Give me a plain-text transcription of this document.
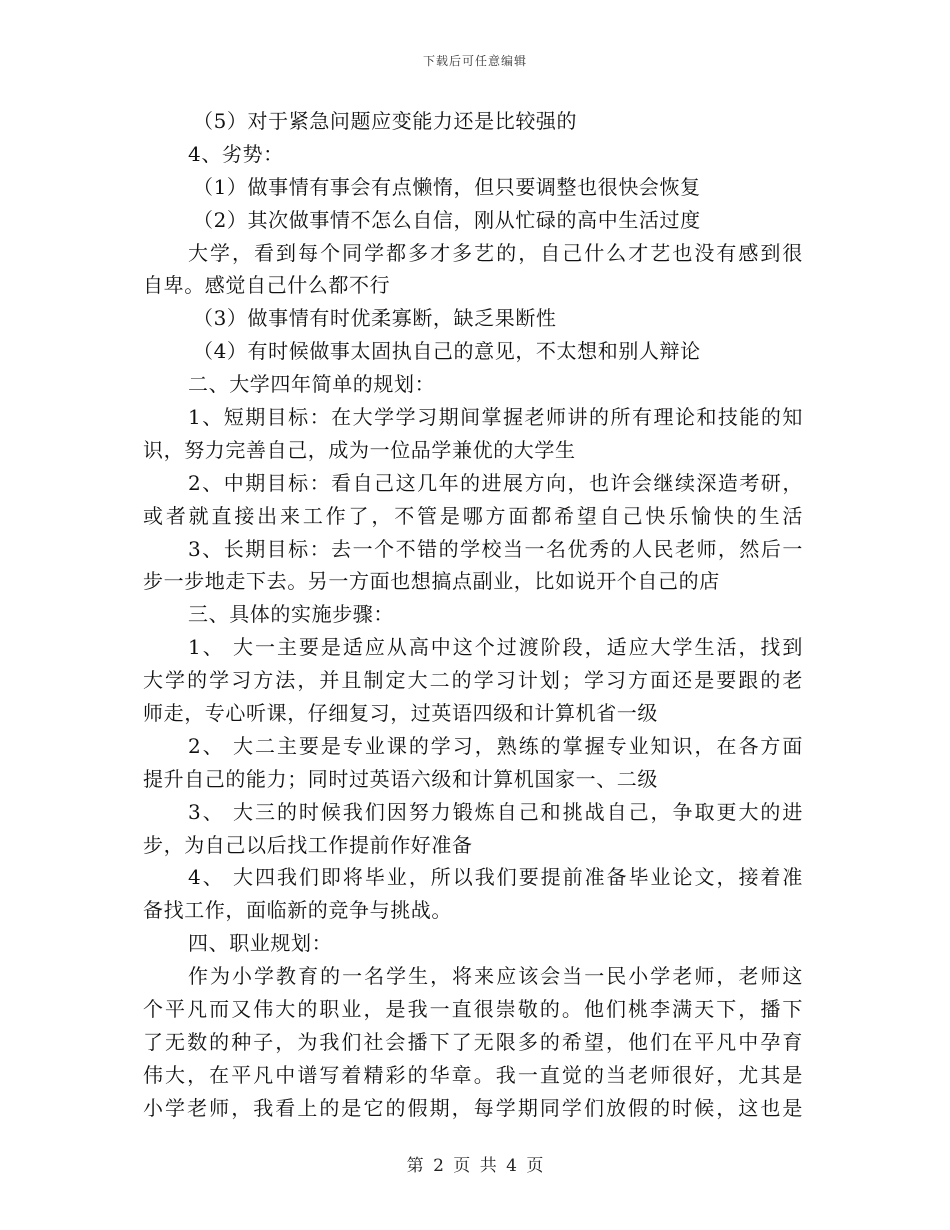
下载后可任意编辑
（5）对于紧急问题应变能力还是比较强的
4、劣势：
（1）做事情有事会有点懒惰，但只要调整也很快会恢复
（2）其次做事情不怎么自信，刚从忙碌的高中生活过度
大学，看到每个同学都多才多艺的，自己什么才艺也没有感到很
自卑。感觉自己什么都不行
（3）做事情有时优柔寡断，缺乏果断性
（4）有时候做事太固执自己的意见，不太想和别人辩论
二、大学四年简单的规划：
1、短期目标：在大学学习期间掌握老师讲的所有理论和技能的知
识，努力完善自己，成为一位品学兼优的大学生
2、中期目标：看自己这几年的进展方向，也许会继续深造考研，
或者就直接出来工作了，不管是哪方面都希望自己快乐愉快的生活
3、长期目标：去一个不错的学校当一名优秀的人民老师，然后一
步一步地走下去。另一方面也想搞点副业，比如说开个自己的店
三、具体的实施步骤：
1、 大一主要是适应从高中这个过渡阶段，适应大学生活，找到
大学的学习方法，并且制定大二的学习计划；学习方面还是要跟的老
师走，专心听课，仔细复习，过英语四级和计算机省一级
2、 大二主要是专业课的学习，熟练的掌握专业知识，在各方面
提升自己的能力；同时过英语六级和计算机国家一、二级
3、 大三的时候我们因努力锻炼自己和挑战自己，争取更大的进
步，为自己以后找工作提前作好准备
4、 大四我们即将毕业，所以我们要提前准备毕业论文，接着准
备找工作，面临新的竞争与挑战。
四、职业规划：
作为小学教育的一名学生，将来应该会当一民小学老师，老师这
个平凡而又伟大的职业，是我一直很崇敬的。他们桃李满天下，播下
了无数的种子，为我们社会播下了无限多的希望，他们在平凡中孕育
伟大，在平凡中谱写着精彩的华章。我一直觉的当老师很好，尤其是
小学老师，我看上的是它的假期，每学期同学们放假的时候，这也是
第 2 页 共 4 页
